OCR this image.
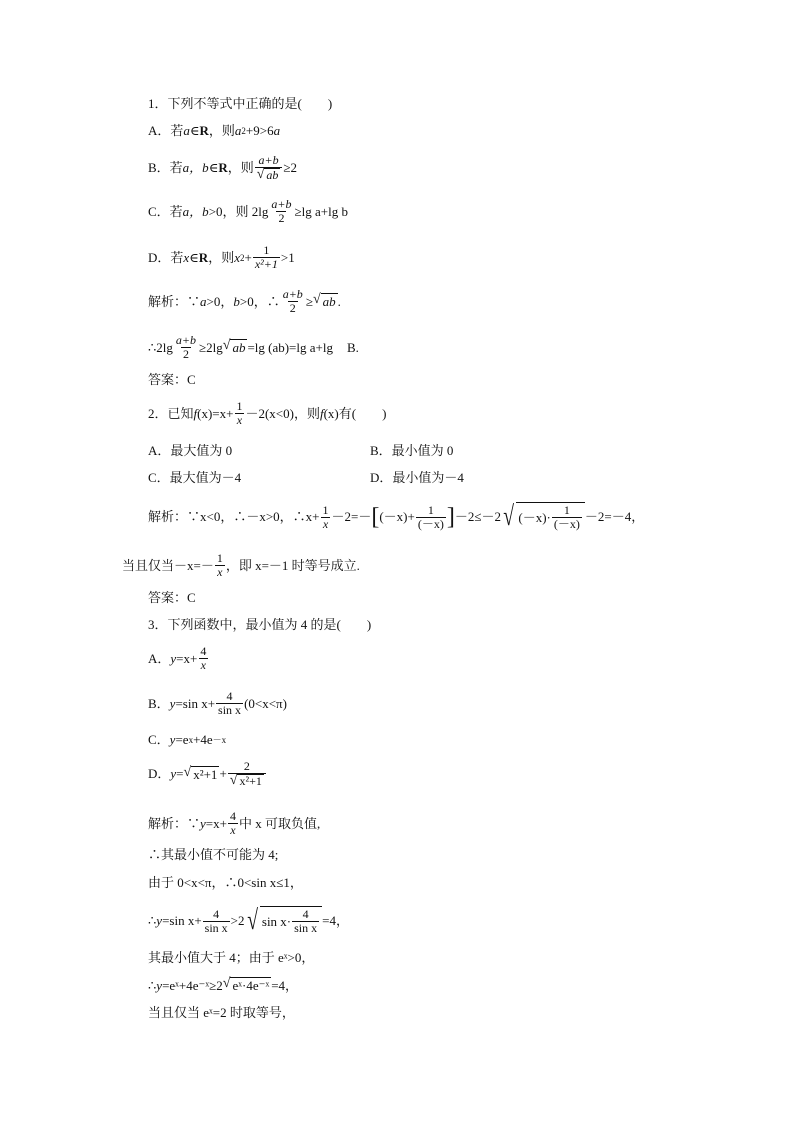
1．下列不等式中正确的是(　　)
A．若 a ∈ R ，则 a 2 +9>6 a
B．若 a，b ∈ R ，则 $\frac{a+b}{√ ab} \ge 2$
C．若 a，b >0，则 $2\lg \frac{a+b}{2} \ge\lg$ a+lg b
D．若 x ∈ R ，则 x $2 + \frac{1}{\text{x²+1}} >1$
解析：∵ a >0， b >0，∴ $\frac{a+b}{2}$ ≥ √ ab .
∴2lg $\frac{a+b}{2} \ge 2\lg$ √ ab =lg (ab)=lg a+lg B.
答案：C
2．已知 f $(x)=x+ \frac{1}{x} -2(x<0)$，则 f (x)有(　　)
A．最大值为 0	B．最小值为 0
C．最大值为－4	D．最小值为－4
解析：∵x<0，∴－x>0，∴x+ $\frac{1}{x} -2=-$ [ $(-x)+ \frac{1}{(-x)}$ ] －2≤－2 √ $(-x)\cdot \frac{1}{(-x)} -2=-4$，
当且仅当$-x=- \frac{1}{x}$ ，即 x=－1 时等号成立.
答案：C
3．下列函数中，最小值为 4 的是(　　)
A． $y =x+ \frac{4}{x}$
B． y =sin $x+ \frac{4}{\text{sin x}} (0<x<\pi)$
C． y =e x +4e －x
D． y = √ $x^2+1 + \frac{2}{\text{√ x²+1}}$
解析：∵ $y =x+ \frac{4}{x}$ 中 x 可取负值,
∴其最小值不可能为 4;
由于 0<x<π，∴0<sin x≤1，
∴ y =sin $x+ \frac{4}{\text{sin x}} >2$ √ $\sin x\cdot \frac{4}{\text{sin x}} =4$，
其最小值大于 4；由于 eˣ>0，
∴ y =eˣ+4e⁻ˣ≥2 √ eˣ·4e⁻ˣ =4，
当且仅当 eˣ=2 时取等号，
